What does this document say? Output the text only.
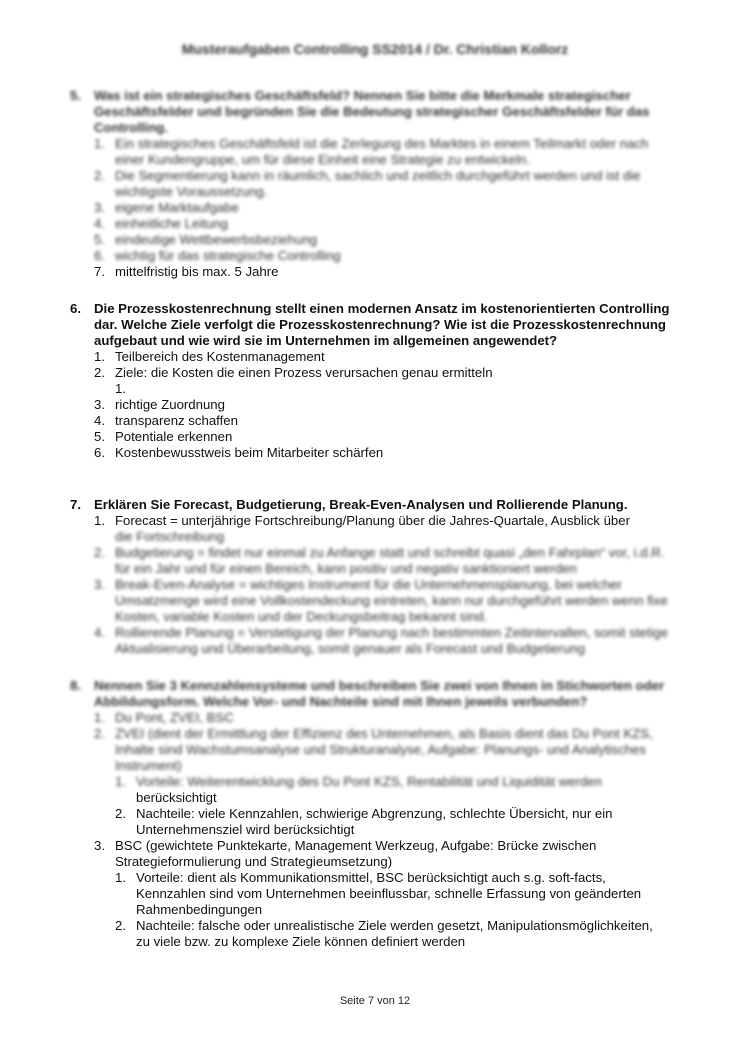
Musteraufgaben Controlling SS2014 / Dr. Christian Kollorz
5. Was ist ein strategisches Geschäftsfeld? Nennen Sie bitte die Merkmale strategischer Geschäftsfelder und begründen Sie die Bedeutung strategischer Geschäftsfelder für das Controlling.
1. Ein strategisches Geschäftsfeld ist die Zerlegung des Marktes in einem Teilmarkt oder nach einer Kundengruppe, um für diese Einheit eine Strategie zu entwickeln.
2. Die Segmentierung kann in räumlich, sachlich und zeitlich durchgeführt werden und ist die wichtigste Voraussetzung.
3. eigene Marktaufgabe
4. einheitliche Leitung
5. eindeutige Wettbewerbsbeziehung
6. wichtig für das strategische Controlling
7. mittelfristig bis max. 5 Jahre
6. Die Prozesskostenrechnung stellt einen modernen Ansatz im kostenorientierten Controlling dar. Welche Ziele verfolgt die Prozesskostenrechnung? Wie ist die Prozesskostenrechnung aufgebaut und wie wird sie im Unternehmen im allgemeinen angewendet?
1. Teilbereich des Kostenmanagement
2. Ziele: die Kosten die einen Prozess verursachen genau ermitteln
1.
3. richtige Zuordnung
4. transparenz schaffen
5. Potentiale erkennen
6. Kostenbewusstweis beim Mitarbeiter schärfen
7. Erklären Sie Forecast, Budgetierung, Break-Even-Analysen und Rollierende Planung.
1. Forecast = unterjährige Fortschreibung/Planung über die Jahres-Quartale, Ausblick über
die Fortschreibung
2. Budgetierung = findet nur einmal zu Anfange statt und schreibt quasi „den Fahrplan“ vor, i.d.R. für ein Jahr und für einen Bereich, kann positiv und negativ sanktioniert werden
3. Break-Even-Analyse = wichtiges Instrument für die Unternehmensplanung, bei welcher Umsatzmenge wird eine Vollkostendeckung eintreten, kann nur durchgeführt werden wenn fixe Kosten, variable Kosten und der Deckungsbeitrag bekannt sind.
4. Rollierende Planung = Verstetigung der Planung nach bestimmten Zeitintervallen, somit stetige Aktualisierung und Überarbeitung, somit genauer als Forecast und Budgetierung
8. Nennen Sie 3 Kennzahlensysteme und beschreiben Sie zwei von Ihnen in Stichworten oder Abbildungsform. Welche Vor- und Nachteile sind mit Ihnen jeweils verbunden?
1. Du Pont, ZVEI, BSC
2. ZVEI (dient der Ermittlung der Effizienz des Unternehmen, als Basis dient das Du Pont KZS, Inhalte sind Wachstumsanalyse und Strukturanalyse, Aufgabe: Planungs- und Analytisches Instrument)
1. Vorteile: Weiterentwicklung des Du Pont KZS, Rentabilität und Liquidität werden
berücksichtigt
2. Nachteile: viele Kennzahlen, schwierige Abgrenzung, schlechte Übersicht, nur ein Unternehmensziel wird berücksichtigt
3. BSC (gewichtete Punktekarte, Management Werkzeug, Aufgabe: Brücke zwischen Strategieformulierung und Strategieumsetzung)
1. Vorteile: dient als Kommunikationsmittel, BSC berücksichtigt auch s.g. soft-facts, Kennzahlen sind vom Unternehmen beeinflussbar, schnelle Erfassung von geänderten Rahmenbedingungen
2. Nachteile: falsche oder unrealistische Ziele werden gesetzt, Manipulationsmöglichkeiten, zu viele bzw. zu komplexe Ziele können definiert werden
Seite 7 von 12
